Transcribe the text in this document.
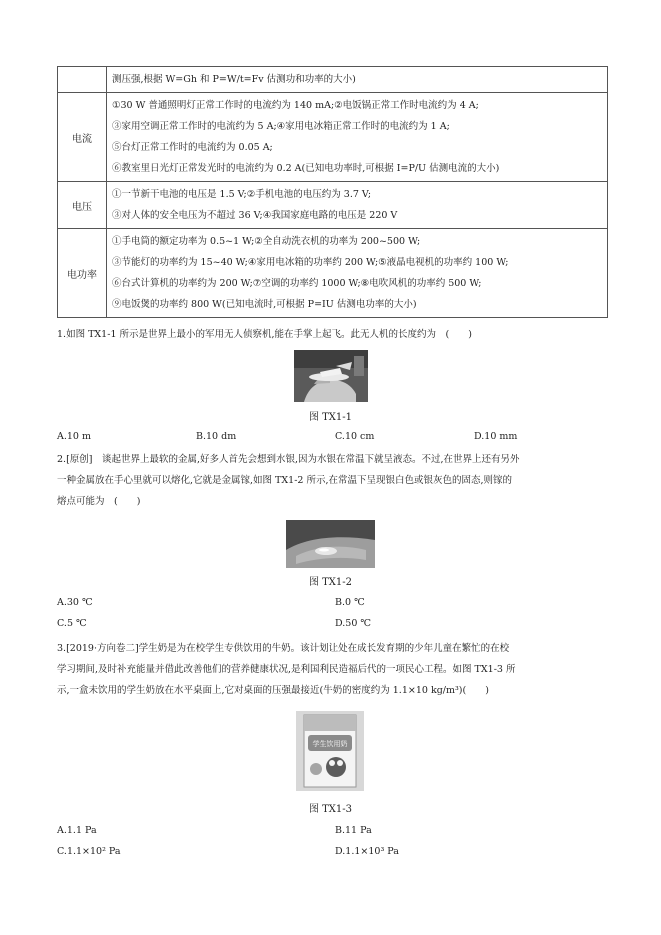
	测压强,根据 W=Gh 和 P=W/t=Fv 估测功和功率的大小)

电流	①30 W 普通照明灯正常工作时的电流约为 140 mA;②电饭锅正常工作时电流约为 4 A;
③家用空调正常工作时的电流约为 5 A;④家用电冰箱正常工作时的电流约为 1 A;
⑤台灯正常工作时的电流约为 0.05 A;
⑥教室里日光灯正常发光时的电流约为 0.2 A(已知电功率时,可根据 I=P/U 估测电流的大小)

电压	①一节新干电池的电压是 1.5 V;②手机电池的电压约为 3.7 V;
③对人体的安全电压为不超过 36 V;④我国家庭电路的电压是 220 V

电功率	①手电筒的额定功率为 0.5~1 W;②全自动洗衣机的功率为 200~500 W;
③节能灯的功率约为 15~40 W;④家用电冰箱的功率约 200 W;⑤液晶电视机的功率约 100 W;
⑥台式计算机的功率约为 200 W;⑦空调的功率约 1000 W;⑧电吹风机的功率约 500 W;
⑨电饭煲的功率约 800 W(已知电流时,可根据 P=IU 估测电功率的大小)
1.如图 TX1-1 所示是世界上最小的军用无人侦察机,能在手掌上起飞。此无人机的长度约为　(　　)
图 TX1-1
A.10 m	B.10 dm	C.10 cm	D.10 mm
2.[原创]　谈起世界上最软的金属,好多人首先会想到水银,因为水银在常温下就呈液态。不过,在世界上还有另外
一种金属放在手心里就可以熔化,它就是金属镓,如图 TX1-2 所示,在常温下呈现银白色或银灰色的固态,则镓的
熔点可能为　(　　)
图 TX1-2
A.30 ℃	B.0 ℃
C.5 ℃	D.50 ℃
3.[2019·方向卷二]学生奶是为在校学生专供饮用的牛奶。该计划让处在成长发育期的少年儿童在繁忙的在校
学习期间,及时补充能量并借此改善他们的营养健康状况,是利国利民造福后代的一项民心工程。如图 TX1-3 所
示,一盒未饮用的学生奶放在水平桌面上,它对桌面的压强最接近(牛奶的密度约为 1.1×10 kg/m³)(　　)
学生饮用奶
图 TX1-3
A.1.1 Pa	B.11 Pa
C.1.1×10² Pa	D.1.1×10³ Pa
